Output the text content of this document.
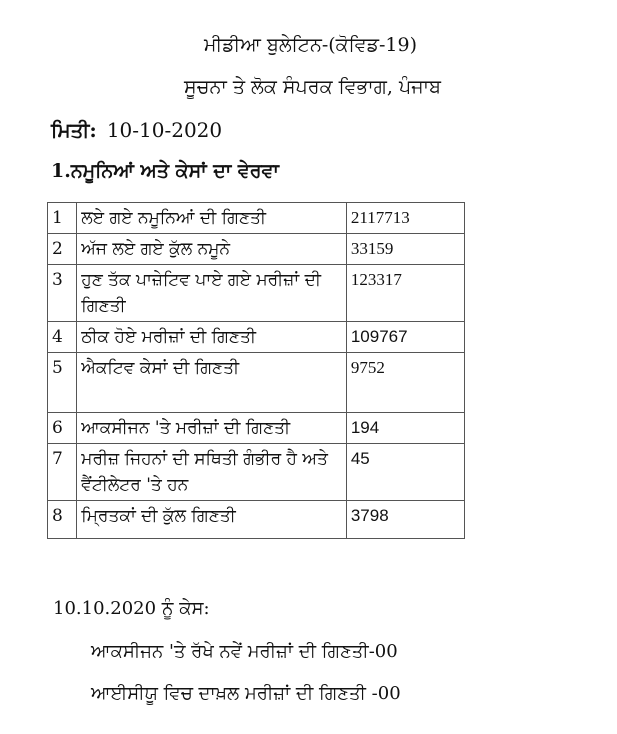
ਮੀਡੀਆ ਬੁਲੇਟਿਨ-(ਕੋਵਿਡ-19)
ਸੂਚਨਾ ਤੇ ਲੋਕ ਸੰਪਰਕ ਵਿਭਾਗ, ਪੰਜਾਬ
ਮਿਤੀ: 10-10-2020
1.ਨਮੂਨਿਆਂ ਅਤੇ ਕੇਸਾਂ ਦਾ ਵੇਰਵਾ
1	ਲਏ ਗਏ ਨਮੂਨਿਆਂ ਦੀ ਗਿਣਤੀ	2117713
2	ਅੱਜ ਲਏ ਗਏ ਕੁੱਲ ਨਮੂਨੇ	33159
3	ਹੁਣ ਤੱਕ ਪਾਜ਼ੇਟਿਵ ਪਾਏ ਗਏ ਮਰੀਜ਼ਾਂ ਦੀ ਗਿਣਤੀ	123317
4	ਠੀਕ ਹੋਏ ਮਰੀਜ਼ਾਂ ਦੀ ਗਿਣਤੀ	109767
5	ਐਕਟਿਵ ਕੇਸਾਂ ਦੀ ਗਿਣਤੀ	9752
6	ਆਕਸੀਜਨ 'ਤੇ ਮਰੀਜ਼ਾਂ ਦੀ ਗਿਣਤੀ	194
7	ਮਰੀਜ਼ ਜਿਹਨਾਂ ਦੀ ਸਥਿਤੀ ਗੰਭੀਰ ਹੈ ਅਤੇ ਵੈਂਟੀਲੇਟਰ 'ਤੇ ਹਨ	45
8	ਮ੍ਰਿਤਕਾਂ ਦੀ ਕੁੱਲ ਗਿਣਤੀ	3798
10.10.2020 ਨੂੰ ਕੇਸ:
ਆਕਸੀਜਨ 'ਤੇ ਰੱਖੇ ਨਵੇਂ ਮਰੀਜ਼ਾਂ ਦੀ ਗਿਣਤੀ-00
ਆਈਸੀਯੂ ਵਿਚ ਦਾਖ਼ਲ ਮਰੀਜ਼ਾਂ ਦੀ ਗਿਣਤੀ -00
